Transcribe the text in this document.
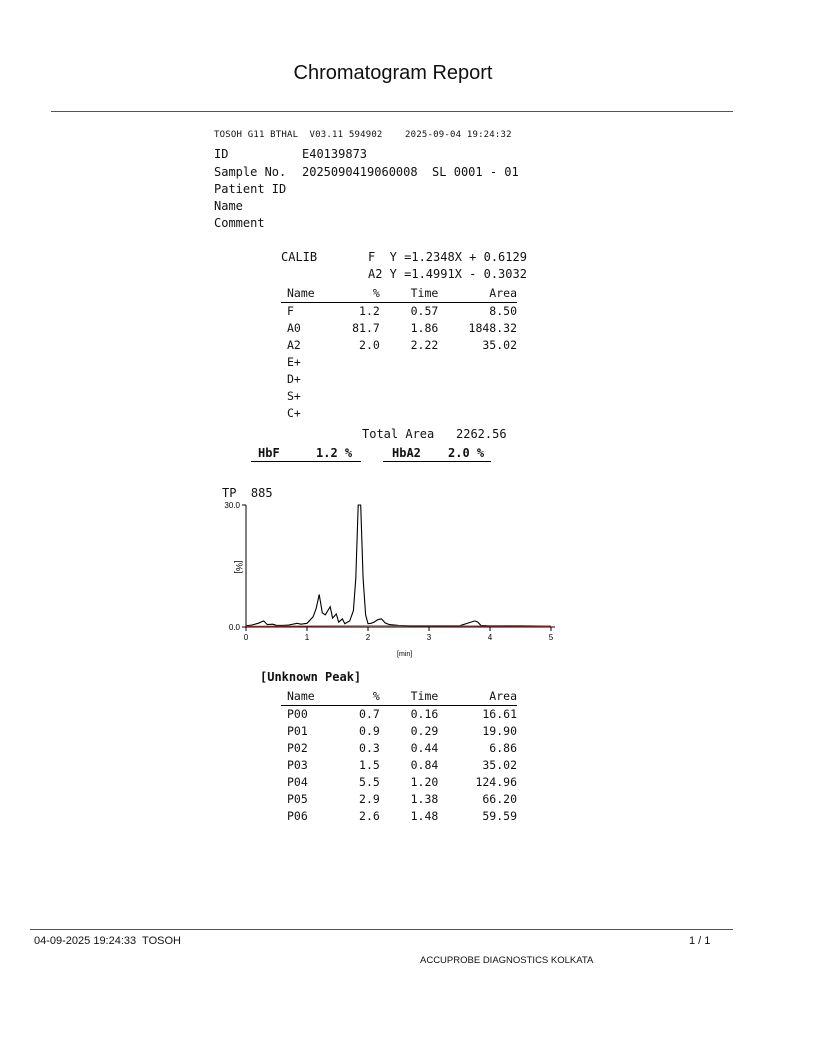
Chromatogram Report
TOSOH G11 BTHAL  V03.11 594902    2025-09-04 19:24:32
ID	E40139873
Sample No. 2025090419060008  SL 0001 - 01
Patient ID
Name
Comment
CALIB	F  Y =1.2348X + 0.6129
A2 Y =1.4991X - 0.3032
Name	%	Time	Area
F	1.2	0.57	8.50
A0	81.7	1.86	1848.32
A2	2.0	2.22	35.02
E+			
D+			
S+			
C+			
Total Area 2262.56
HbF	1.2 %	HbA2 2.0 %
TP  885
30.0
0.0
0	1	2	3	4	5
[min]
[%]
[Unknown Peak]
Name	%	Time	Area
P00	0.7	0.16	16.61
P01	0.9	0.29	19.90
P02	0.3	0.44	6.86
P03	1.5	0.84	35.02
P04	5.5	1.20	124.96
P05	2.9	1.38	66.20
P06	2.6	1.48	59.59
04-09-2025 19:24:33  TOSOH	1 / 1
ACCUPROBE DIAGNOSTICS KOLKATA
